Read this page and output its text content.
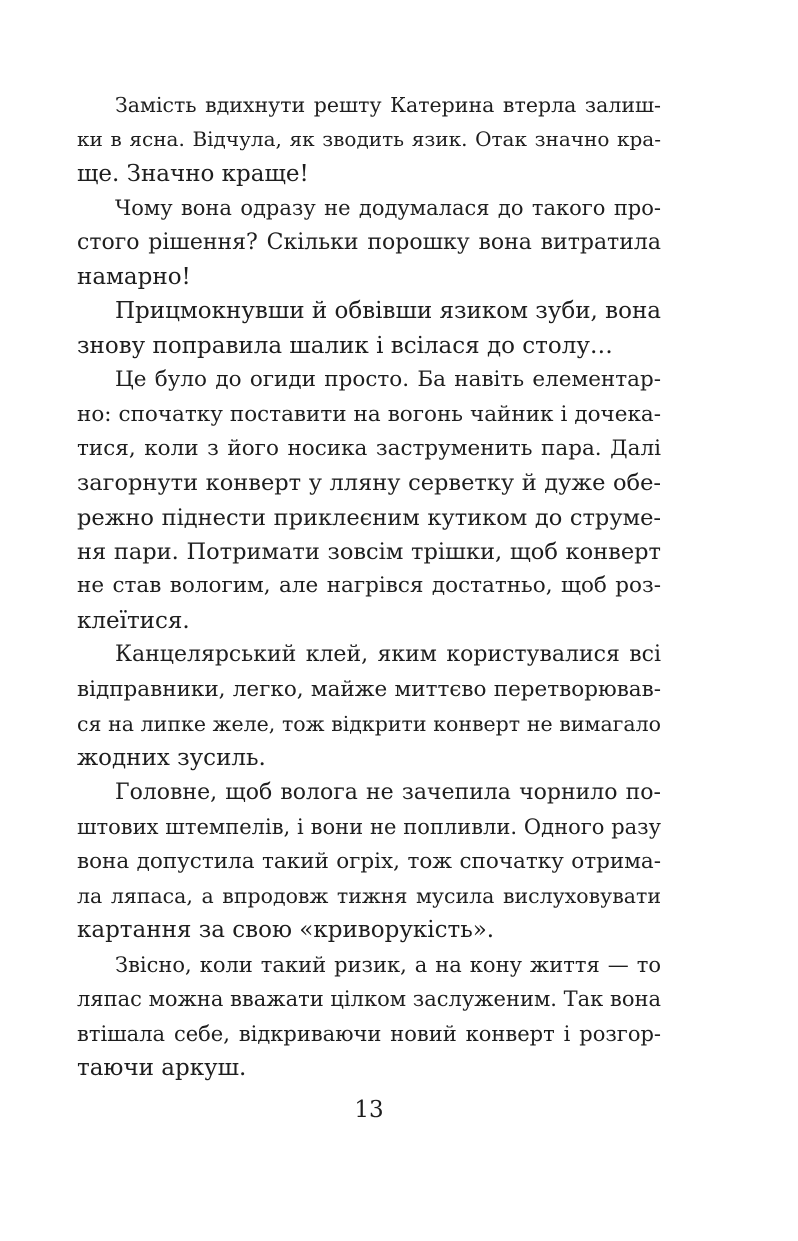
Замість вдихнути решту Катерина втерла залиш-
ки в ясна. Відчула, як зводить язик. Отак значно кра-
ще. Значно краще!
Чому вона одразу не додумалася до такого про-
стого рішення? Скільки порошку вона витратила
намарно!
Прицмокнувши й обвівши язиком зуби, вона
знову поправила шалик і всілася до столу…
Це було до огиди просто. Ба навіть елементар-
но: спочатку поставити на вогонь чайник і дочека-
тися, коли з його носика заструменить пара. Далі
загорнути конверт у лляну серветку й дуже обе-
режно піднести приклеєним кутиком до струме-
ня пари. Потримати зовсім трішки, щоб конверт
не став вологим, але нагрівся достатньо, щоб роз-
клеїтися.
Канцелярський клей, яким користувалися всі
відправники, легко, майже миттєво перетворював-
ся на липке желе, тож відкрити конверт не вимагало
жодних зусиль.
Головне, щоб волога не зачепила чорнило по-
штових штемпелів, і вони не попливли. Одного разу
вона допустила такий огріх, тож спочатку отрима-
ла ляпаса, а впродовж тижня мусила вислуховувати
картання за свою «криворукість».
Звісно, коли такий ризик, а на кону життя — то
ляпас можна вважати цілком заслуженим. Так вона
втішала себе, відкриваючи новий конверт і розгор-
таючи аркуш.
13
